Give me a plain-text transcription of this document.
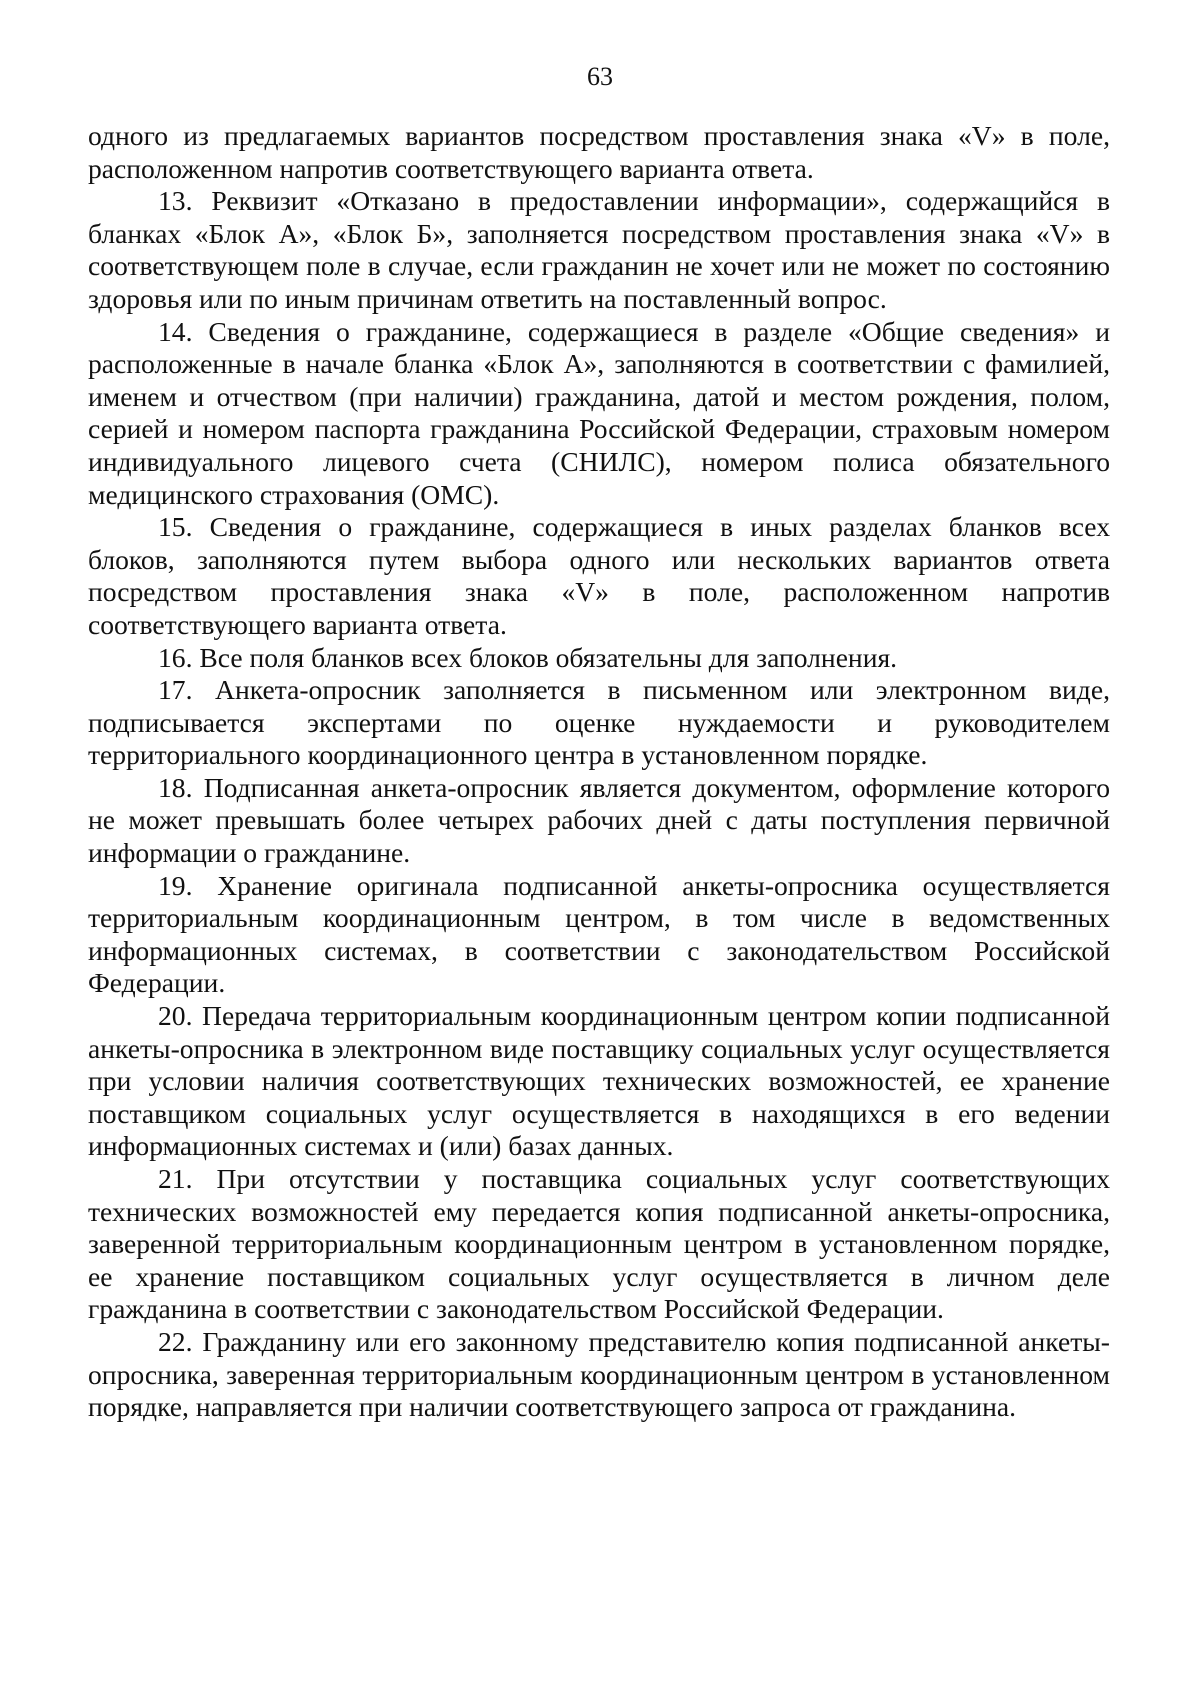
63

одного из предлагаемых вариантов посредством проставления знака «V» в поле, расположенном напротив соответствующего варианта ответа.

13. Реквизит «Отказано в предоставлении информации», содержащийся в бланках «Блок А», «Блок Б», заполняется посредством проставления знака «V» в соответствующем поле в случае, если гражданин не хочет или не может по состоянию здоровья или по иным причинам ответить на поставленный вопрос.

14. Сведения о гражданине, содержащиеся в разделе «Общие сведения» и расположенные в начале бланка «Блок А», заполняются в соответствии с фамилией, именем и отчеством (при наличии) гражданина, датой и местом рождения, полом, серией и номером паспорта гражданина Российской Федерации, страховым номером индивидуального лицевого счета (СНИЛС), номером полиса обязательного медицинского страхования (ОМС).

15. Сведения о гражданине, содержащиеся в иных разделах бланков всех блоков, заполняются путем выбора одного или нескольких вариантов ответа посредством проставления знака «V» в поле, расположенном напротив соответствующего варианта ответа.

16. Все поля бланков всех блоков обязательны для заполнения.

17. Анкета-опросник заполняется в письменном или электронном виде, подписывается экспертами по оценке нуждаемости и руководителем территориального координационного центра в установленном порядке.

18. Подписанная анкета-опросник является документом, оформление которого не может превышать более четырех рабочих дней с даты поступления первичной информации о гражданине.

19. Хранение оригинала подписанной анкеты-опросника осуществляется территориальным координационным центром, в том числе в ведомственных информационных системах, в соответствии с законодательством Российской Федерации.

20. Передача территориальным координационным центром копии подписанной анкеты-опросника в электронном виде поставщику социальных услуг осуществляется при условии наличия соответствующих технических возможностей, ее хранение поставщиком социальных услуг осуществляется в находящихся в его ведении информационных системах и (или) базах данных.

21. При отсутствии у поставщика социальных услуг соответствующих технических возможностей ему передается копия подписанной анкеты-опросника, заверенной территориальным координационным центром в установленном порядке, ее хранение поставщиком социальных услуг осуществляется в личном деле гражданина в соответствии с законодательством Российской Федерации.

22. Гражданину или его законному представителю копия подписанной анкеты-опросника, заверенная территориальным координационным центром в установленном порядке, направляется при наличии соответствующего запроса от гражданина.
